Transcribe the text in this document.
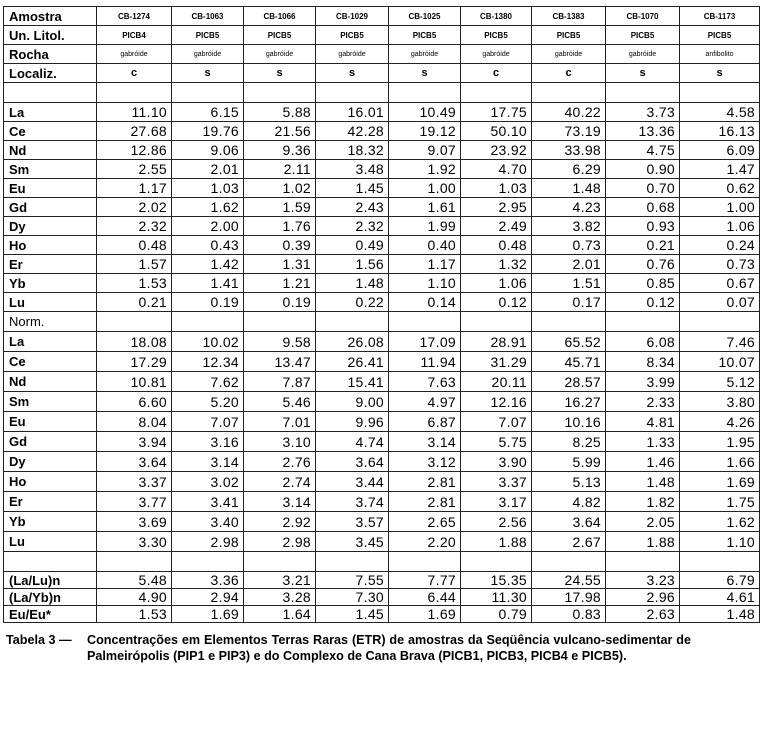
Amostra	CB-1274	CB-1063	CB-1066	CB-1029	CB-1025	CB-1380	CB-1383	CB-1070	CB-1173
Un. Litol.	PICB4	PICB5	PICB5	PICB5	PICB5	PICB5	PICB5	PICB5	PICB5
Rocha	gabróide	gabróide	gabróide	gabróide	gabróide	gabróide	gabróide	gabróide	anfibolito
Localiz.	c	s	s	s	s	c	c	s	s

La	11.10	6.15	5.88	16.01	10.49	17.75	40.22	3.73	4.58
Ce	27.68	19.76	21.56	42.28	19.12	50.10	73.19	13.36	16.13
Nd	12.86	9.06	9.36	18.32	9.07	23.92	33.98	4.75	6.09
Sm	2.55	2.01	2.11	3.48	1.92	4.70	6.29	0.90	1.47
Eu	1.17	1.03	1.02	1.45	1.00	1.03	1.48	0.70	0.62
Gd	2.02	1.62	1.59	2.43	1.61	2.95	4.23	0.68	1.00
Dy	2.32	2.00	1.76	2.32	1.99	2.49	3.82	0.93	1.06
Ho	0.48	0.43	0.39	0.49	0.40	0.48	0.73	0.21	0.24
Er	1.57	1.42	1.31	1.56	1.17	1.32	2.01	0.76	0.73
Yb	1.53	1.41	1.21	1.48	1.10	1.06	1.51	0.85	0.67
Lu	0.21	0.19	0.19	0.22	0.14	0.12	0.17	0.12	0.07
Norm.									
La	18.08	10.02	9.58	26.08	17.09	28.91	65.52	6.08	7.46
Ce	17.29	12.34	13.47	26.41	11.94	31.29	45.71	8.34	10.07
Nd	10.81	7.62	7.87	15.41	7.63	20.11	28.57	3.99	5.12
Sm	6.60	5.20	5.46	9.00	4.97	12.16	16.27	2.33	3.80
Eu	8.04	7.07	7.01	9.96	6.87	7.07	10.16	4.81	4.26
Gd	3.94	3.16	3.10	4.74	3.14	5.75	8.25	1.33	1.95
Dy	3.64	3.14	2.76	3.64	3.12	3.90	5.99	1.46	1.66
Ho	3.37	3.02	2.74	3.44	2.81	3.37	5.13	1.48	1.69
Er	3.77	3.41	3.14	3.74	2.81	3.17	4.82	1.82	1.75
Yb	3.69	3.40	2.92	3.57	2.65	2.56	3.64	2.05	1.62
Lu	3.30	2.98	2.98	3.45	2.20	1.88	2.67	1.88	1.10

(La/Lu)n	5.48	3.36	3.21	7.55	7.77	15.35	24.55	3.23	6.79
(La/Yb)n	4.90	2.94	3.28	7.30	6.44	11.30	17.98	2.96	4.61
Eu/Eu*	1.53	1.69	1.64	1.45	1.69	0.79	0.83	2.63	1.48
Tabela 3 — Concentrações em Elementos Terras Raras (ETR) de amostras da Seqüência vulcano-sedimentar de Palmeirópolis (PIP1 e PIP3) e do Complexo de Cana Brava (PICB1, PICB3, PICB4 e PICB5).
